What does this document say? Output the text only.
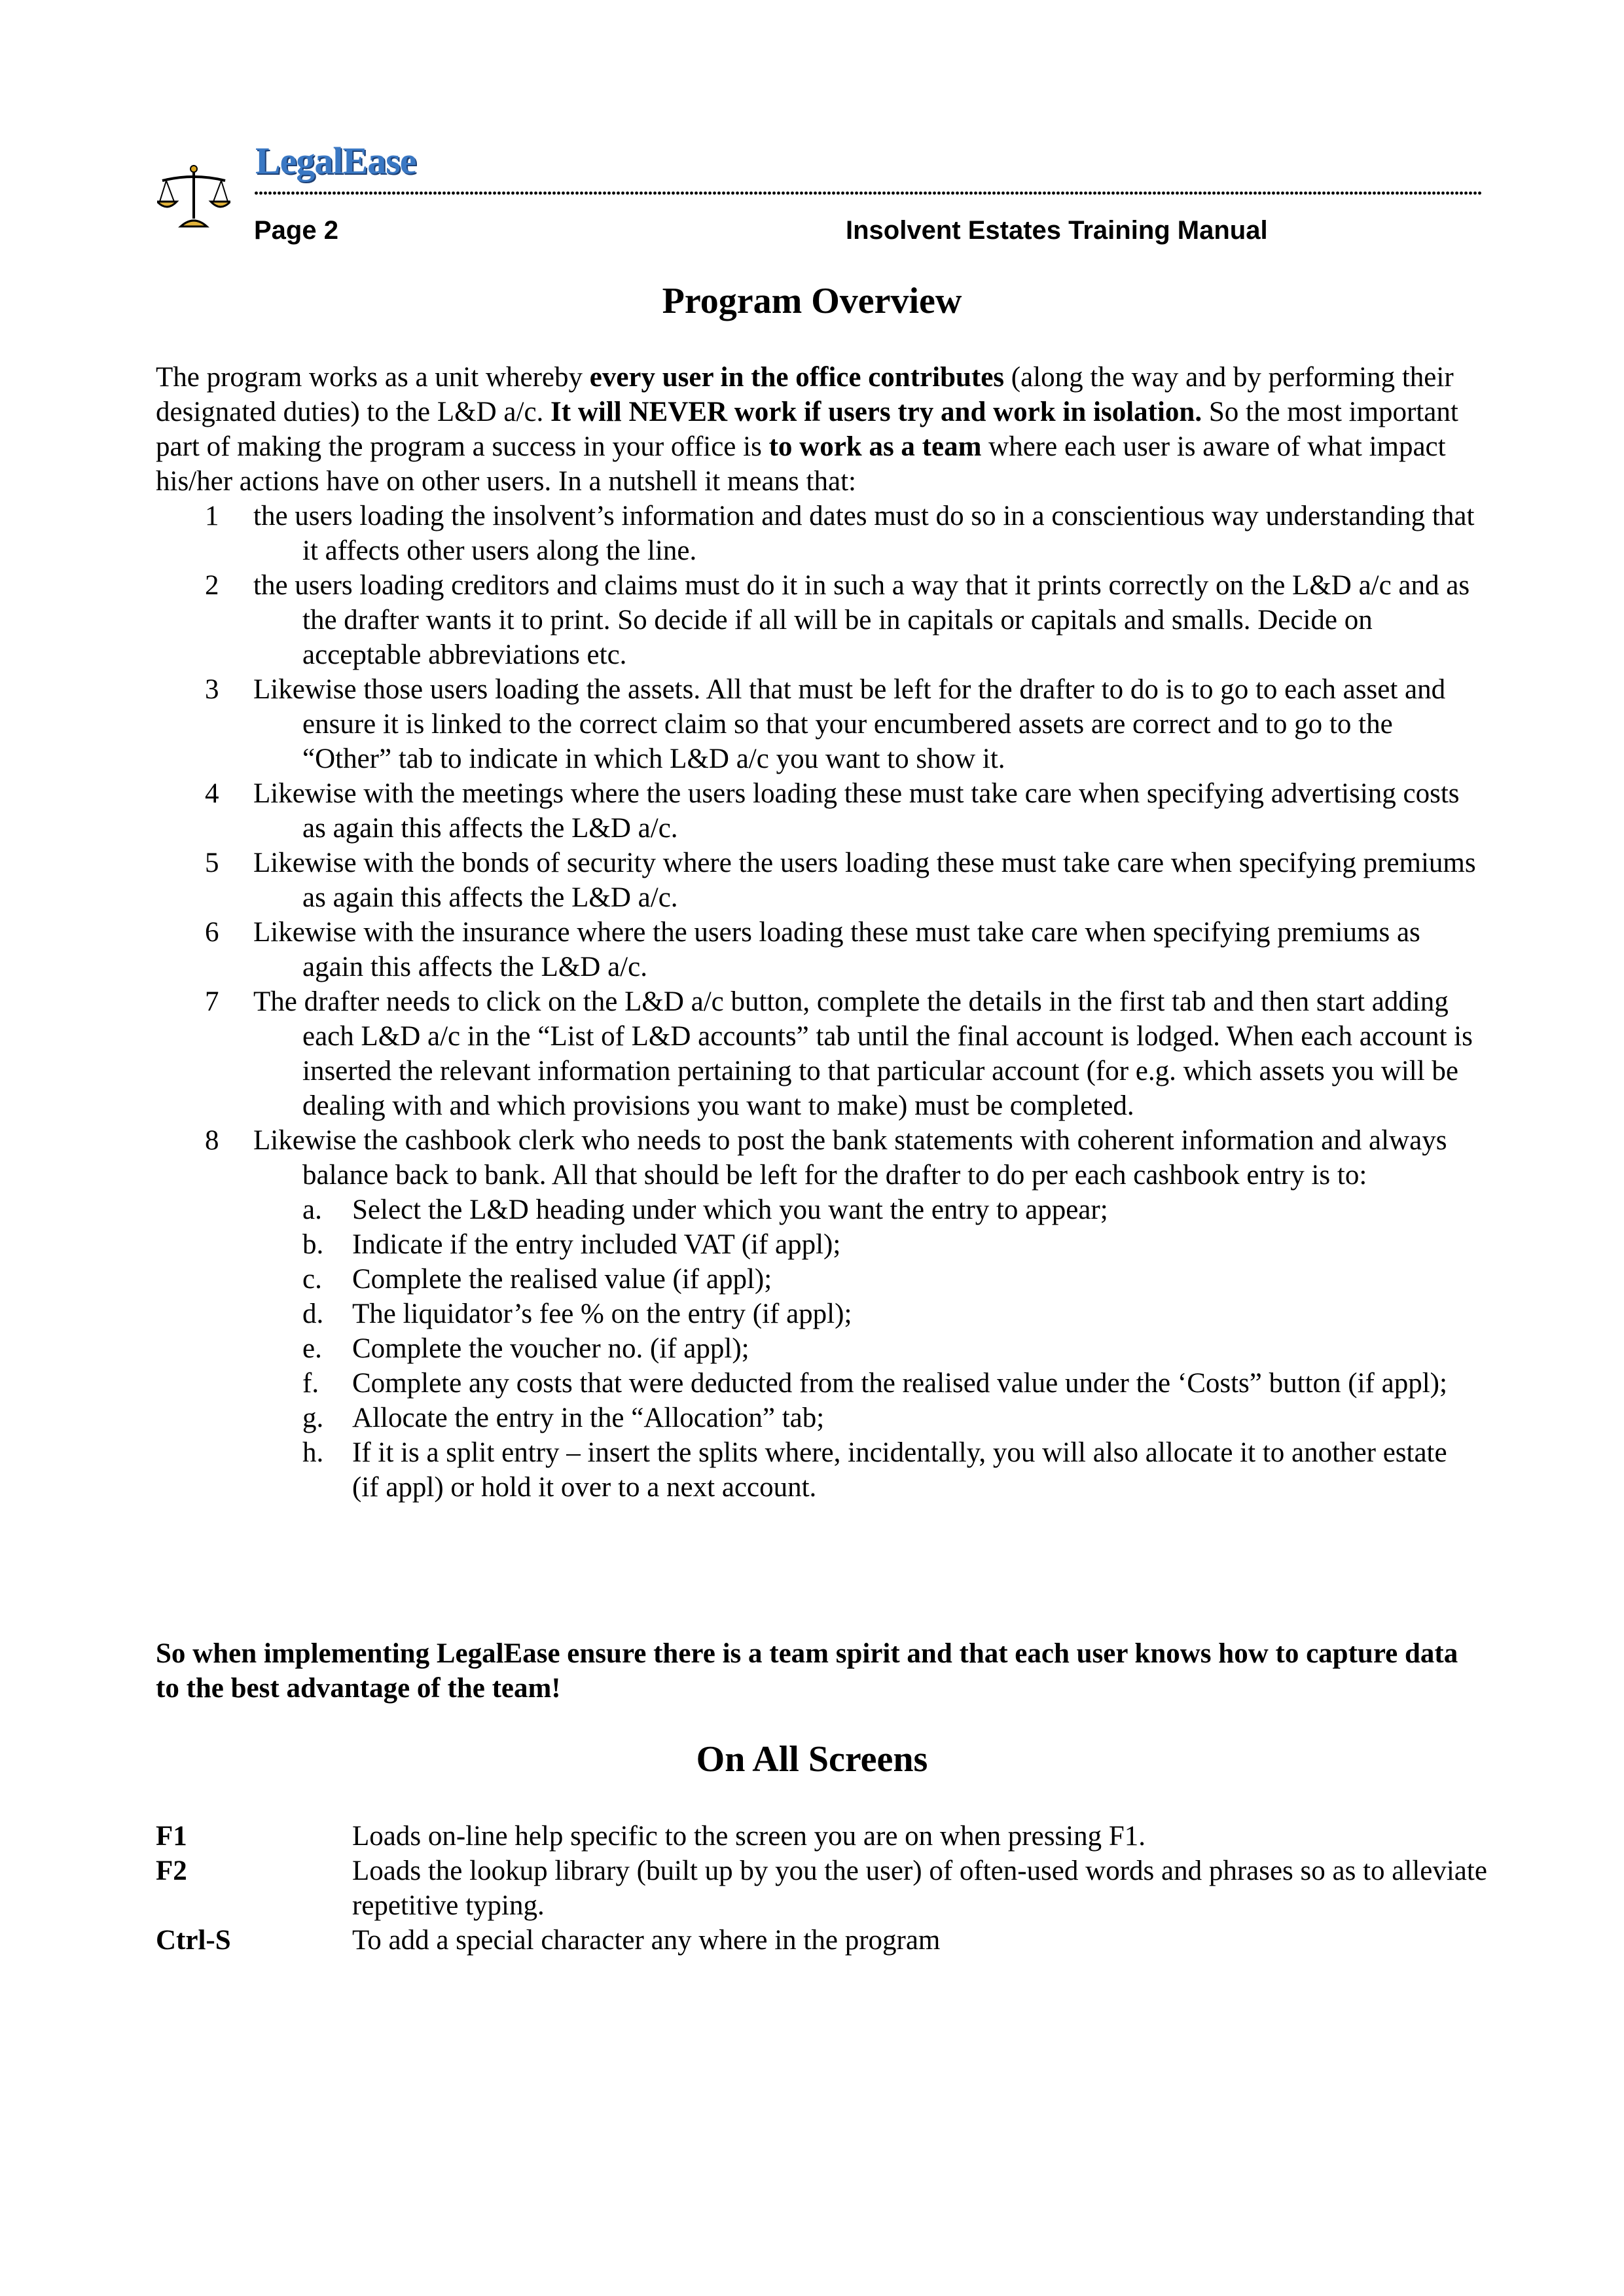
LegalEase
Page 2	Insolvent Estates Training Manual
Program Overview
The program works as a unit whereby every user in the office contributes (along the way and by performing their designated duties) to the L&D a/c. It will NEVER work if users try and work in isolation. So the most important part of making the program a success in your office is to work as a team where each user is aware of what impact his/her actions have on other users. In a nutshell it means that:
1 the users loading the insolvent’s information and dates must do so in a conscientious way understanding that it affects other users along the line.
2 the users loading creditors and claims must do it in such a way that it prints correctly on the L&D a/c and as the drafter wants it to print. So decide if all will be in capitals or capitals and smalls. Decide on acceptable abbreviations etc.
3 Likewise those users loading the assets. All that must be left for the drafter to do is to go to each asset and ensure it is linked to the correct claim so that your encumbered assets are correct and to go to the “Other” tab to indicate in which L&D a/c you want to show it.
4 Likewise with the meetings where the users loading these must take care when specifying advertising costs as again this affects the L&D a/c.
5 Likewise with the bonds of security where the users loading these must take care when specifying premiums as again this affects the L&D a/c.
6 Likewise with the insurance where the users loading these must take care when specifying premiums as again this affects the L&D a/c.
7 The drafter needs to click on the L&D a/c button, complete the details in the first tab and then start adding each L&D a/c in the “List of L&D accounts” tab until the final account is lodged. When each account is inserted the relevant information pertaining to that particular account (for e.g. which assets you will be dealing with and which provisions you want to make) must be completed.
8 Likewise the cashbook clerk who needs to post the bank statements with coherent information and always balance back to bank. All that should be left for the drafter to do per each cashbook entry is to:
a. Select the L&D heading under which you want the entry to appear;
b. Indicate if the entry included VAT (if appl);
c. Complete the realised value (if appl);
d. The liquidator’s fee % on the entry (if appl);
e. Complete the voucher no. (if appl);
f. Complete any costs that were deducted from the realised value under the ‘Costs” button (if appl);
g. Allocate the entry in the “Allocation” tab;
h. If it is a split entry – insert the splits where, incidentally, you will also allocate it to another estate (if appl) or hold it over to a next account.
So when implementing LegalEase ensure there is a team spirit and that each user knows how to capture data to the best advantage of the team!
On All Screens
F1	Loads on-line help specific to the screen you are on when pressing F1.
F2	Loads the lookup library (built up by you the user) of often-used words and phrases so as to alleviate repetitive typing.
Ctrl-S	To add a special character any where in the program
